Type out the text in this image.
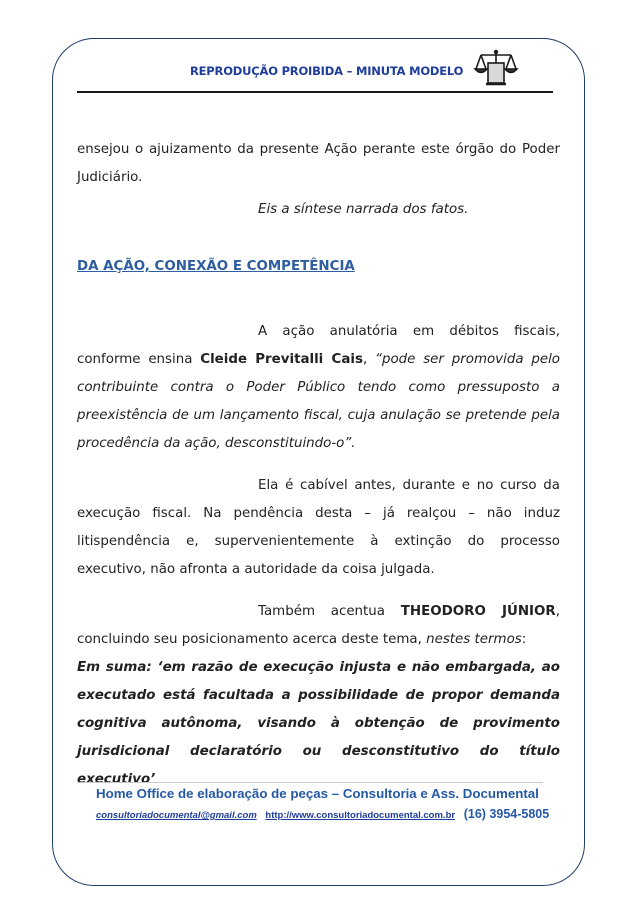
REPRODUÇÃO PROIBIDA – MINUTA MODELO

ensejou o ajuizamento da presente Ação perante este órgão do Poder Judiciário.

Eis a síntese narrada dos fatos.
DA AÇÃO, CONEXÃO E COMPETÊNCIA

A ação anulatória em débitos fiscais, conforme ensina Cleide Previtalli Cais, “pode ser promovida pelo contribuinte contra o Poder Público tendo como pressuposto a preexistência de um lançamento fiscal, cuja anulação se pretende pela procedência da ação, desconstituindo-o”.

Ela é cabível antes, durante e no curso da execução fiscal. Na pendência desta – já realçou – não induz litispendência e, supervenientemente à extinção do processo executivo, não afronta a autoridade da coisa julgada.

Também acentua THEODORO JÚNIOR, concluindo seu posicionamento acerca deste tema, nestes termos:
Em suma: ‘em razão de execução injusta e não embargada, ao executado está facultada a possibilidade de propor demanda cognitiva autônoma, visando à obtenção de provimento jurisdicional declaratório ou desconstitutivo do título executivo’

Home Office de elaboração de peças – Consultoria e Ass. Documental
consultoriadocumental@gmail.com http://www.consultoriadocumental.com.br (16) 3954-5805
